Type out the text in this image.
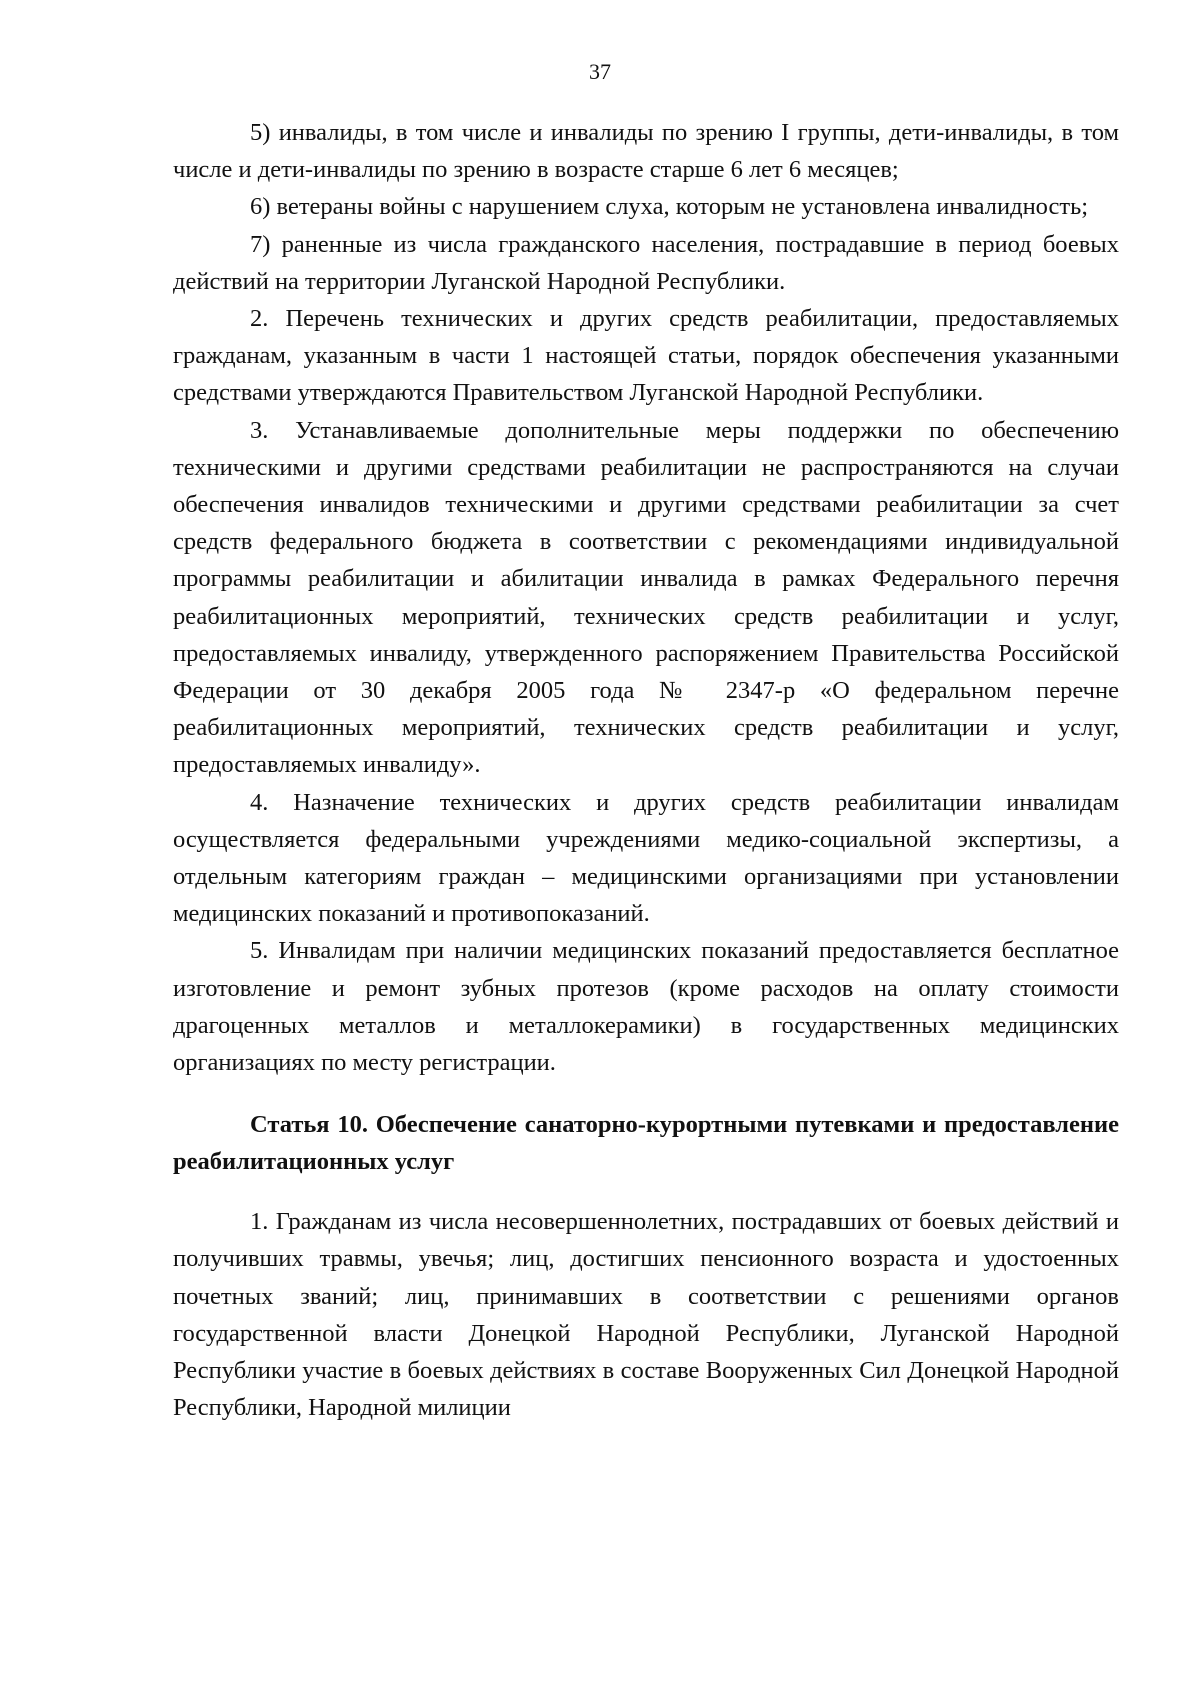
37

5) инвалиды, в том числе и инвалиды по зрению I группы, дети-инвалиды, в том числе и дети-инвалиды по зрению в возрасте старше 6 лет 6 месяцев;

6) ветераны войны с нарушением слуха, которым не установлена инвалидность;

7) раненные из числа гражданского населения, пострадавшие в период боевых действий на территории Луганской Народной Республики.

2. Перечень технических и других средств реабилитации, предоставляемых гражданам, указанным в части 1 настоящей статьи, порядок обеспечения указанными средствами утверждаются Правительством Луганской Народной Республики.

3. Устанавливаемые дополнительные меры поддержки по обеспечению техническими и другими средствами реабилитации не распространяются на случаи обеспечения инвалидов техническими и другими средствами реабилитации за счет средств федерального бюджета в соответствии с рекомендациями индивидуальной программы реабилитации и абилитации инвалида в рамках Федерального перечня реабилитационных мероприятий, технических средств реабилитации и услуг, предоставляемых инвалиду, утвержденного распоряжением Правительства Российской Федерации от 30 декабря 2005 года № 2347-р «О федеральном перечне реабилитационных мероприятий, технических средств реабилитации и услуг, предоставляемых инвалиду».

4. Назначение технических и других средств реабилитации инвалидам осуществляется федеральными учреждениями медико-социальной экспертизы, а отдельным категориям граждан – медицинскими организациями при установлении медицинских показаний и противопоказаний.

5. Инвалидам при наличии медицинских показаний предоставляется бесплатное изготовление и ремонт зубных протезов (кроме расходов на оплату стоимости драгоценных металлов и металлокерамики) в государственных медицинских организациях по месту регистрации.

Статья 10. Обеспечение санаторно-курортными путевками и предоставление реабилитационных услуг

1. Гражданам из числа несовершеннолетних, пострадавших от боевых действий и получивших травмы, увечья; лиц, достигших пенсионного возраста и удостоенных почетных званий; лиц, принимавших в соответствии с решениями органов государственной власти Донецкой Народной Республики, Луганской Народной Республики участие в боевых действиях в составе Вооруженных Сил Донецкой Народной Республики, Народной милиции
